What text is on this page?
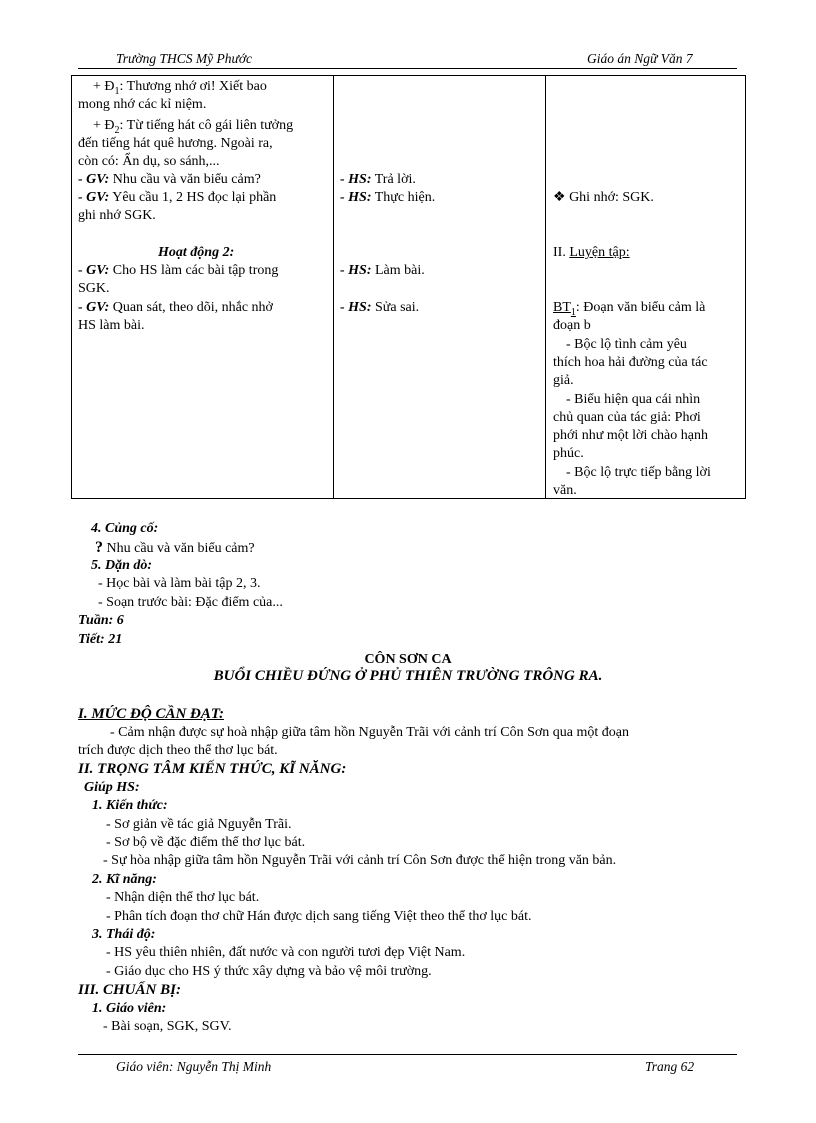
Trường THCS Mỹ Phước	Giáo án Ngữ Văn 7
+ $Đ_1$: Thương nhớ ơi! Xiết bao
mong nhớ các kỉ niệm.
+ $Đ_2$: Từ tiếng hát cô gái liên tưởng
đến tiếng hát quê hương. Ngoài ra,
còn có: Ẩn dụ, so sánh,...
- GV: Nhu cầu và văn biểu cảm?
- GV: Yêu cầu 1, 2 HS đọc lại phần
ghi nhớ SGK.
Hoạt động 2:
- GV: Cho HS làm các bài tập trong
SGK.
- GV: Quan sát, theo dõi, nhắc nhở
HS làm bài.
- HS: Trả lời.
- HS: Thực hiện.
- HS: Làm bài.
- HS: Sửa sai.
❖ Ghi nhớ: SGK.
II. Luyện tập:
$BT_1$: Đoạn văn biểu cảm là
đoạn b
- Bộc lộ tình cảm yêu
thích hoa hải đường của tác
giả.
- Biểu hiện qua cái nhìn
chủ quan của tác giả: Phơi
phới như một lời chào hạnh
phúc.
- Bộc lộ trực tiếp bằng lời
văn.
4. Củng cố:
? Nhu cầu và văn biểu cảm?
5. Dặn dò:
- Học bài và làm bài tập 2, 3.
- Soạn trước bài: Đặc điểm của...
Tuần: 6
Tiết: 21
CÔN SƠN CA
BUỔI CHIỀU ĐỨNG Ở PHỦ THIÊN TRƯỜNG TRÔNG RA.
I. MỨC ĐỘ CẦN ĐẠT:
- Cảm nhận được sự hoà nhập giữa tâm hồn Nguyễn Trãi với cảnh trí Côn Sơn qua một đoạn
trích được dịch theo thể thơ lục bát.
II. TRỌNG TÂM KIẾN THỨC, KĨ NĂNG:
Giúp HS:
1. Kiến thức:
- Sơ giản về tác giả Nguyễn Trãi.
- Sơ bộ về đặc điểm thể thơ lục bát.
- Sự hòa nhập giữa tâm hồn Nguyễn Trãi với cảnh trí Côn Sơn được thể hiện trong văn bản.
2. Kĩ năng:
- Nhận diện thể thơ lục bát.
- Phân tích đoạn thơ chữ Hán được dịch sang tiếng Việt theo thể thơ lục bát.
3. Thái độ:
- HS yêu thiên nhiên, đất nước và con người tươi đẹp Việt Nam.
- Giáo dục cho HS ý thức xây dựng và bảo vệ môi trường.
III. CHUẨN BỊ:
1. Giáo viên:
- Bài soạn, SGK, SGV.
Giáo viên: Nguyễn Thị Minh	Trang 62
